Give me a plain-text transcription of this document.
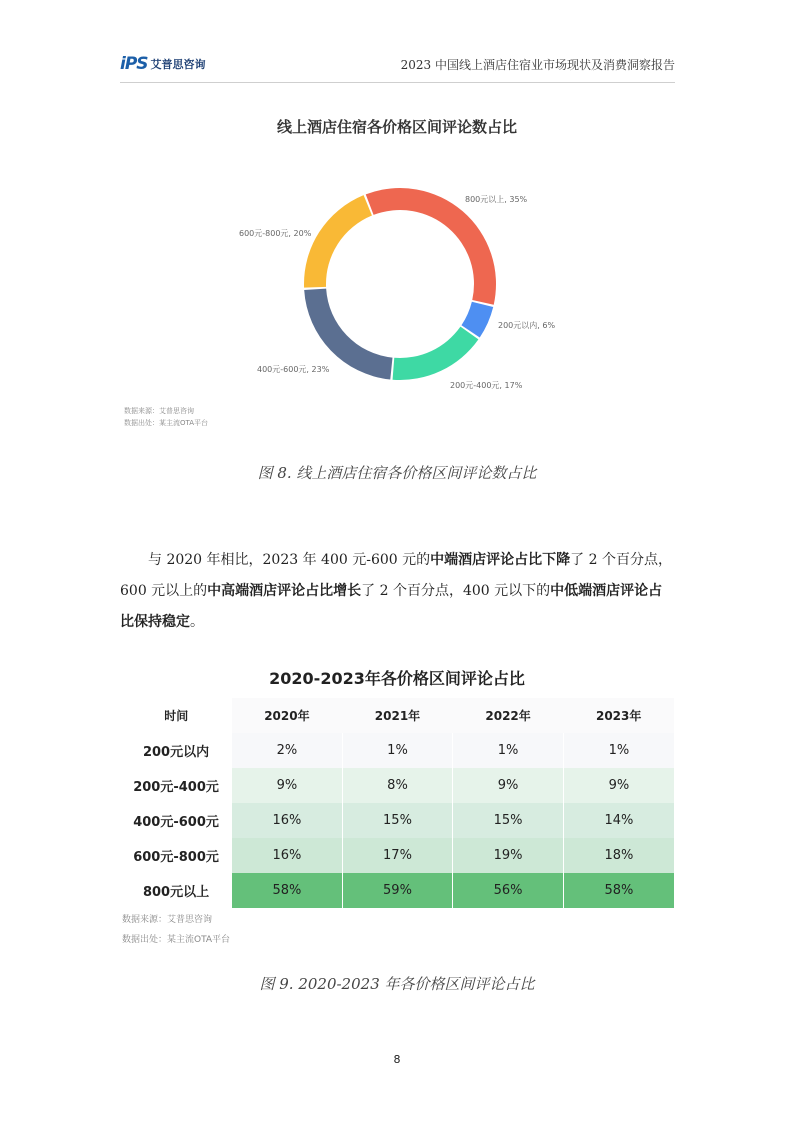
iPS 艾普思咨询	2023 中国线上酒店住宿业市场现状及消费洞察报告
线上酒店住宿各价格区间评论数占比
800元以上, 35%
200元以内, 6%
200元-400元, 17%
400元-600元, 23%
600元-800元, 20%
数据来源：艾普思咨询
数据出处：某主流OTA平台
图 8. 线上酒店住宿各价格区间评论数占比
与 2020 年相比，2023 年 400 元-600 元的中端酒店评论占比下降了 2 个百分点，600 元以上的中高端酒店评论占比增长了 2 个百分点，400 元以下的中低端酒店评论占比保持稳定。
2020-2023年各价格区间评论占比
时间	2020年	2021年	2022年	2023年
200元以内	2%	1%	1%	1%
200元-400元	9%	8%	9%	9%
400元-600元	16%	15%	15%	14%
600元-800元	16%	17%	19%	18%
800元以上	58%	59%	56%	58%
数据来源：艾普思咨询
数据出处：某主流OTA平台
图 9. 2020-2023 年各价格区间评论占比
8
